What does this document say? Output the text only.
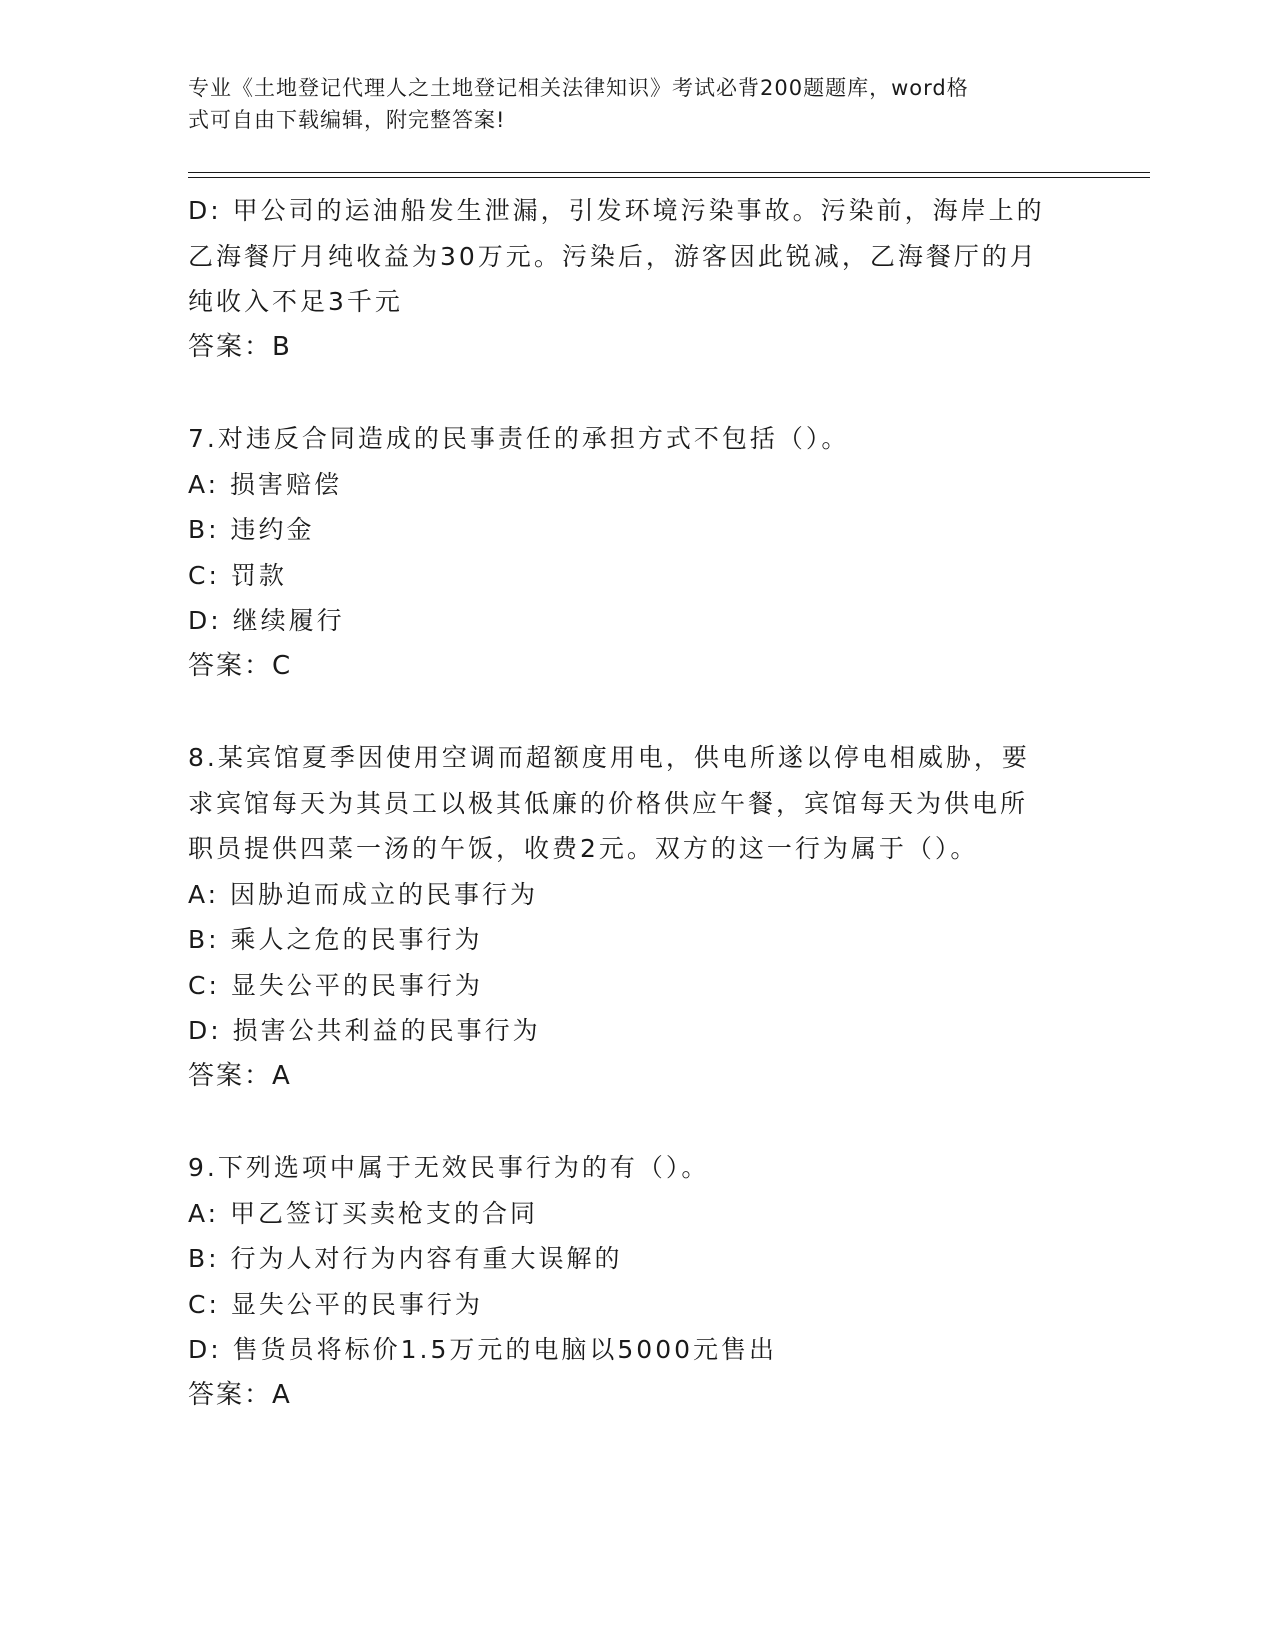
专业《土地登记代理人之土地登记相关法律知识》考试必背200题题库，word格
式可自由下载编辑，附完整答案!
D: 甲公司的运油船发生泄漏，引发环境污染事故。污染前，海岸上的
乙海餐厅月纯收益为30万元。污染后，游客因此锐减，乙海餐厅的月
纯收入不足3千元
答案：B
7.对违反合同造成的民事责任的承担方式不包括（）。
A: 损害赔偿
B: 违约金
C: 罚款
D: 继续履行
答案：C
8.某宾馆夏季因使用空调而超额度用电，供电所遂以停电相威胁，要
求宾馆每天为其员工以极其低廉的价格供应午餐，宾馆每天为供电所
职员提供四菜一汤的午饭，收费2元。双方的这一行为属于（）。
A: 因胁迫而成立的民事行为
B: 乘人之危的民事行为
C: 显失公平的民事行为
D: 损害公共利益的民事行为
答案：A
9.下列选项中属于无效民事行为的有（）。
A: 甲乙签订买卖枪支的合同
B: 行为人对行为内容有重大误解的
C: 显失公平的民事行为
D: 售货员将标价1.5万元的电脑以5000元售出
答案：A
